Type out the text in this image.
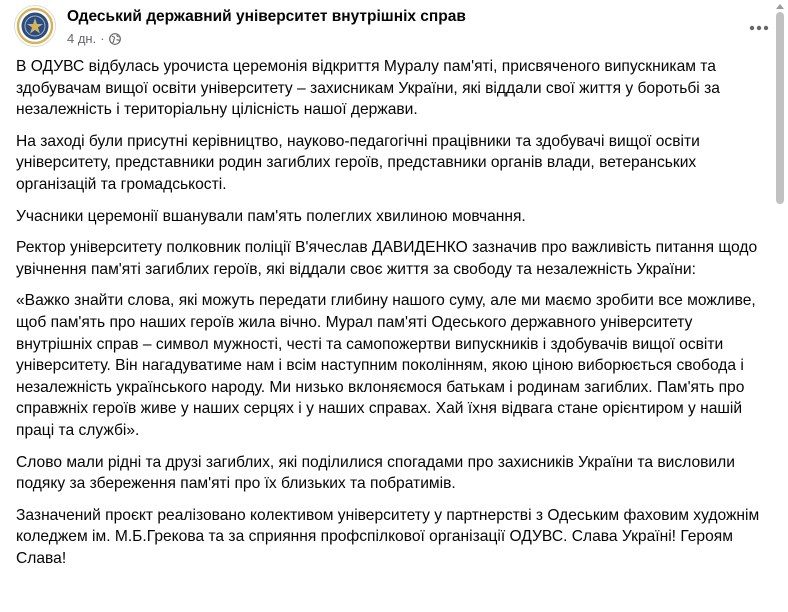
Одеський державний університет внутрішніх справ
4 дн. ·

В ОДУВС відбулась урочиста церемонія відкриття Муралу пам'яті, присвяченого випускникам та здобувачам вищої освіти університету – захисникам України, які віддали свої життя у боротьбі за незалежність і територіальну цілісність нашої держави.

На заході були присутні керівництво, науково-педагогічні працівники та здобувачі вищої освіти університету, представники родин загиблих героїв, представники органів влади, ветеранських організацій та громадськості.

Учасники церемонії вшанували пам'ять полеглих хвилиною мовчання.

Ректор університету полковник поліції В'ячеслав ДАВИДЕНКО зазначив про важливість питання щодо увічнення пам'яті загиблих героїв, які віддали своє життя за свободу та незалежність України:

«Важко знайти слова, які можуть передати глибину нашого суму, але ми маємо зробити все можливе, щоб пам'ять про наших героїв жила вічно. Мурал пам'яті Одеського державного університету внутрішніх справ – символ мужності, честі та самопожертви випускників і здобувачів вищої освіти університету. Він нагадуватиме нам і всім наступним поколінням, якою ціною виборюється свобода і незалежність українського народу. Ми низько вклоняємося батькам і родинам загиблих. Пам'ять про справжніх героїв живе у наших серцях і у наших справах. Хай їхня відвага стане орієнтиром у нашій праці та службі».

Слово мали рідні та друзі загиблих, які поділилися спогадами про захисників України та висловили подяку за збереження пам'яті про їх близьких та побратимів.

Зазначений проєкт реалізовано колективом університету у партнерстві з Одеським фаховим художнім коледжем ім. М.Б.Грекова та за сприяння профспілкової організації ОДУВС. Слава Україні! Героям Слава!
